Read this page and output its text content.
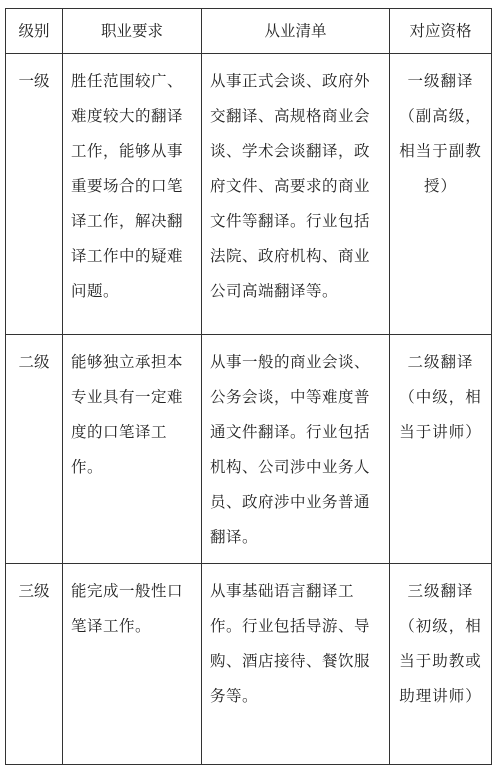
级别	职业要求	从业清单	对应资格
一级	胜任范围较广、难度较大的翻译工作，能够从事重要场合的口笔译工作，解决翻译工作中的疑难问题。	从事正式会谈、政府外交翻译、高规格商业会谈、学术会谈翻译，政府文件、高要求的商业文件等翻译。行业包括法院、政府机构、商业公司高端翻译等。	一级翻译（副高级，相当于副教授）
二级	能够独立承担本专业具有一定难度的口笔译工作。	从事一般的商业会谈、公务会谈，中等难度普通文件翻译。行业包括机构、公司涉中业务人员、政府涉中业务普通翻译。	二级翻译（中级，相当于讲师）
三级	能完成一般性口笔译工作。	从事基础语言翻译工作。行业包括导游、导购、酒店接待、餐饮服务等。	三级翻译（初级，相当于助教或助理讲师）
